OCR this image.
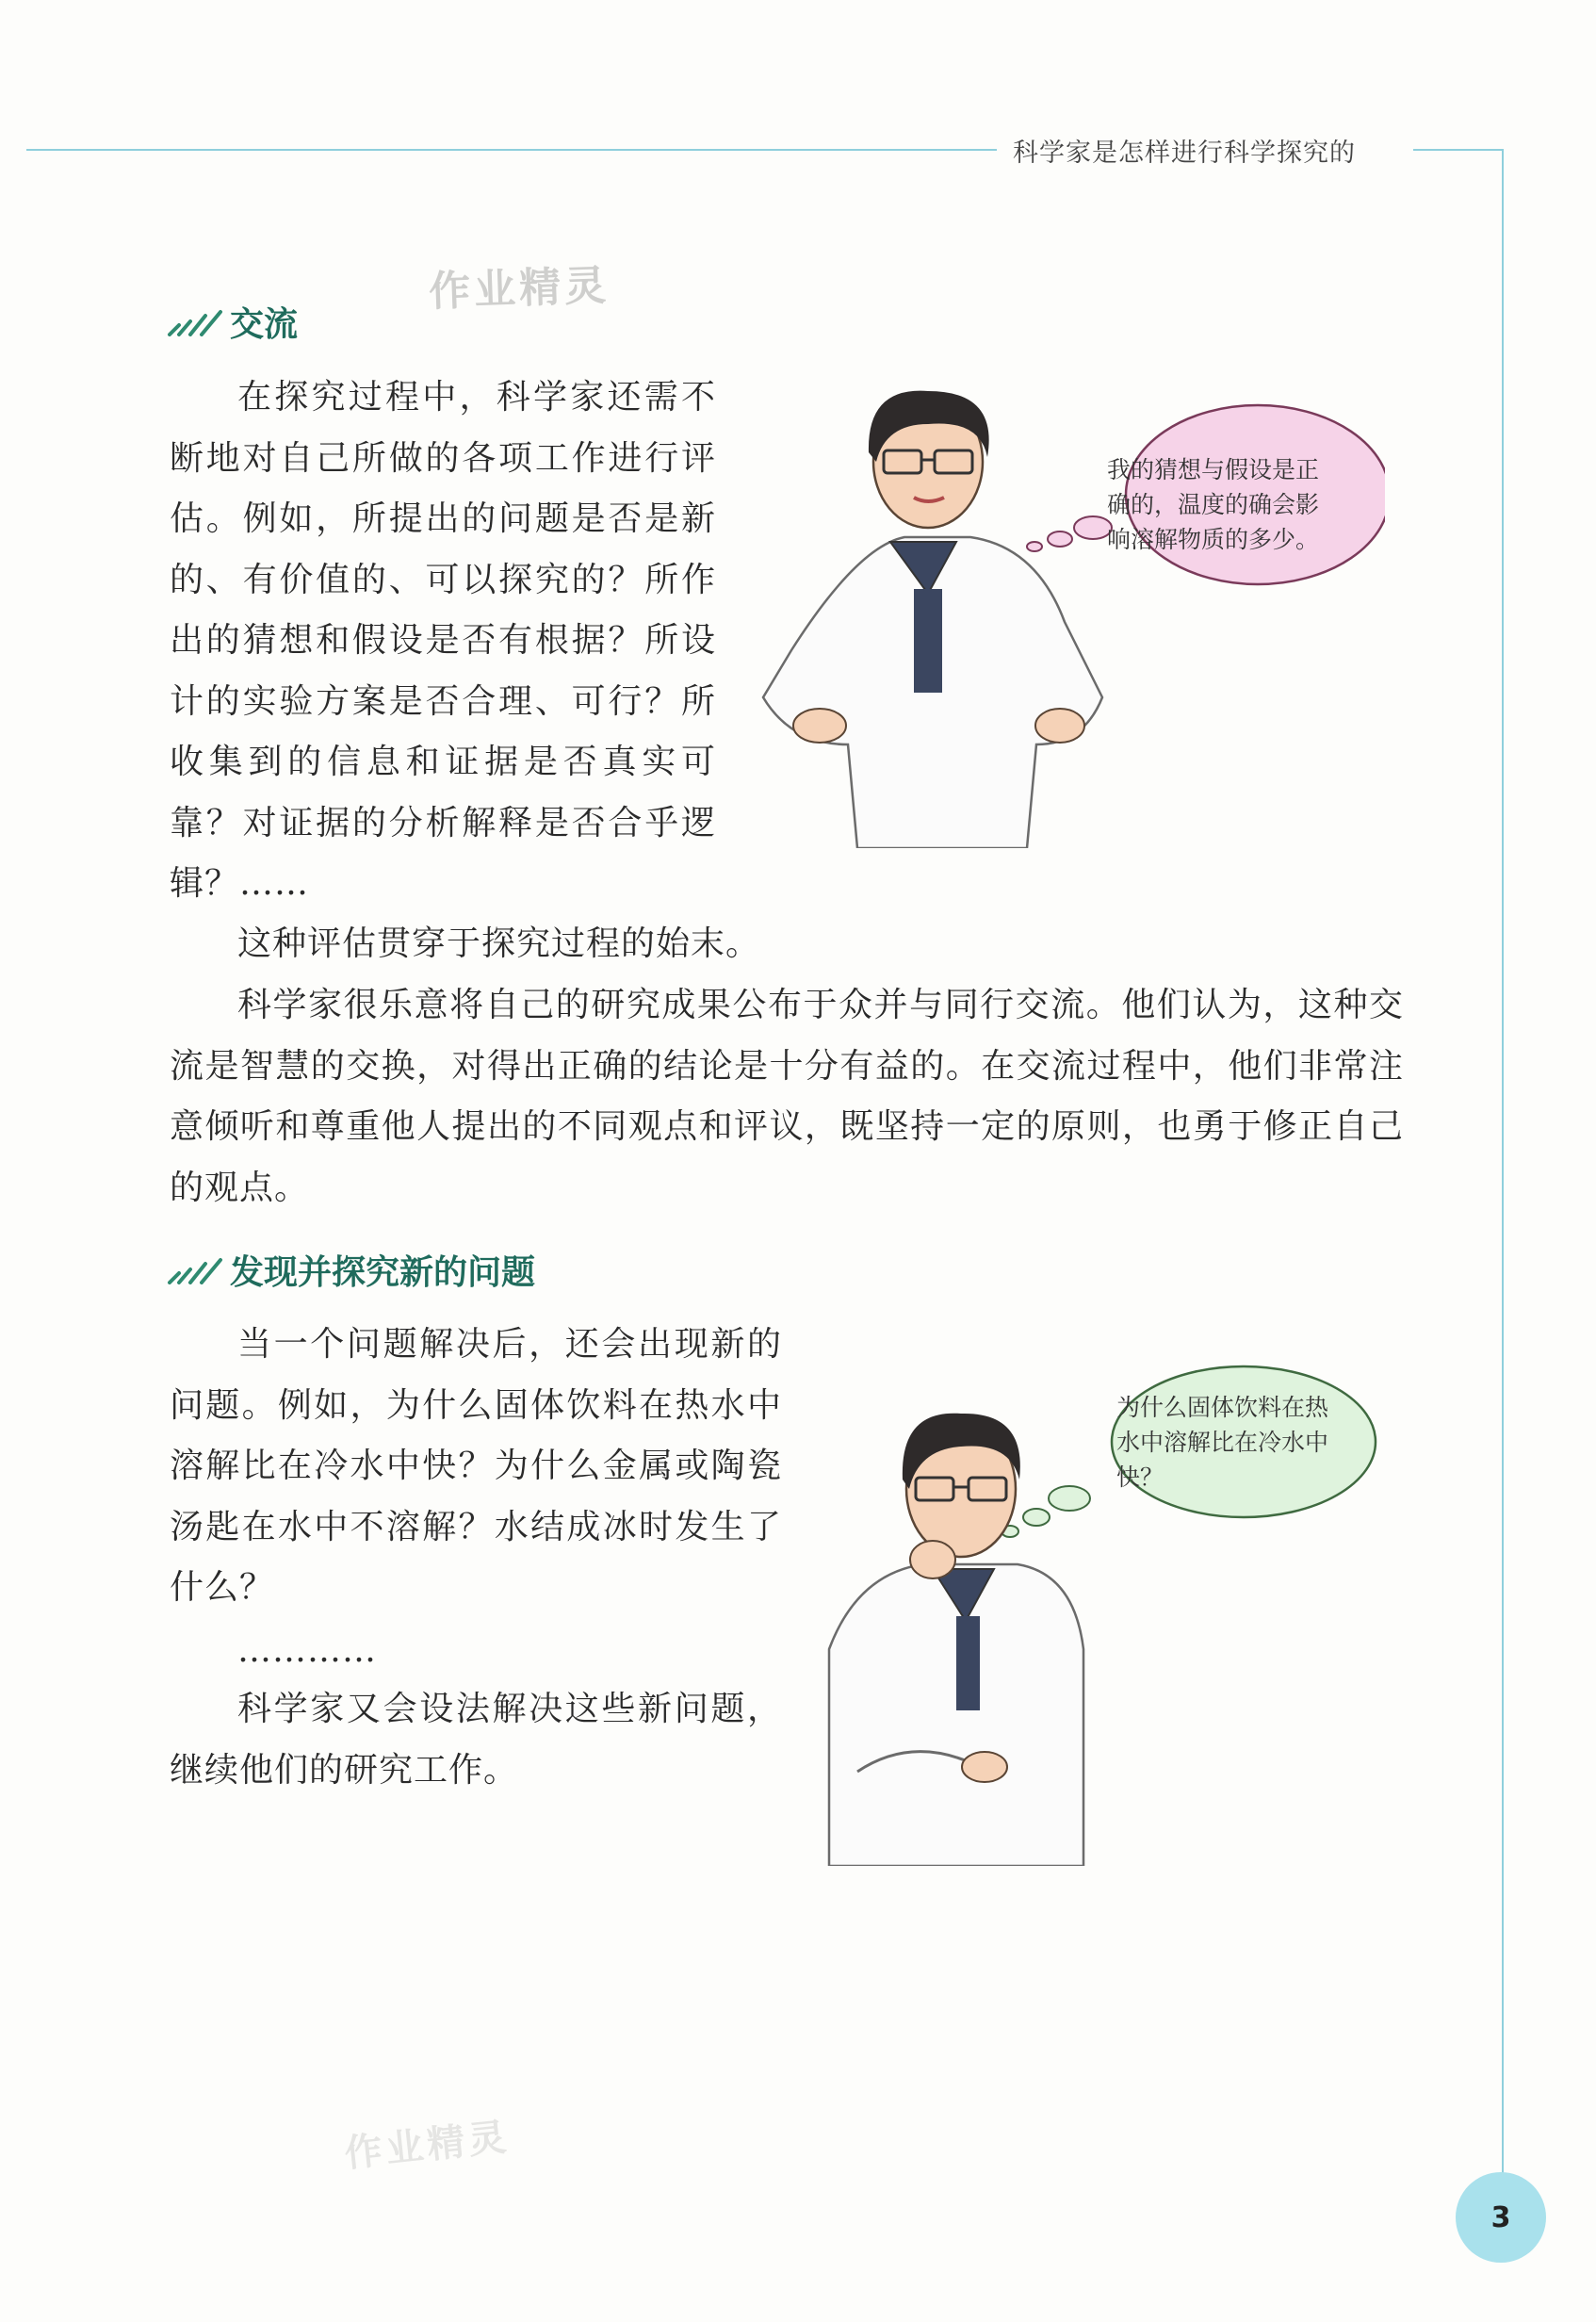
科学家是怎样进行科学探究的
作业精灵
交流

在探究过程中，科学家还需不断地对自己所做的各项工作进行评估。例如，所提出的问题是否是新的、有价值的、可以探究的？所作出的猜想和假设是否有根据？所设计的实验方案是否合理、可行？所收集到的信息和证据是否真实可靠？对证据的分析解释是否合乎逻辑？……

这种评估贯穿于探究过程的始末。

科学家很乐意将自己的研究成果公布于众并与同行交流。他们认为，这种交流是智慧的交换，对得出正确的结论是十分有益的。在交流过程中，他们非常注意倾听和尊重他人提出的不同观点和评议，既坚持一定的原则，也勇于修正自己的观点。

我的猜想与假设是正确的，温度的确会影响溶解物质的多少。
发现并探究新的问题

当一个问题解决后，还会出现新的问题。例如，为什么固体饮料在热水中溶解比在冷水中快？为什么金属或陶瓷汤匙在水中不溶解？水结成冰时发生了什么？

…………

科学家又会设法解决这些新问题，继续他们的研究工作。

作业精灵
为什么固体饮料在热水中溶解比在冷水中快？
3
